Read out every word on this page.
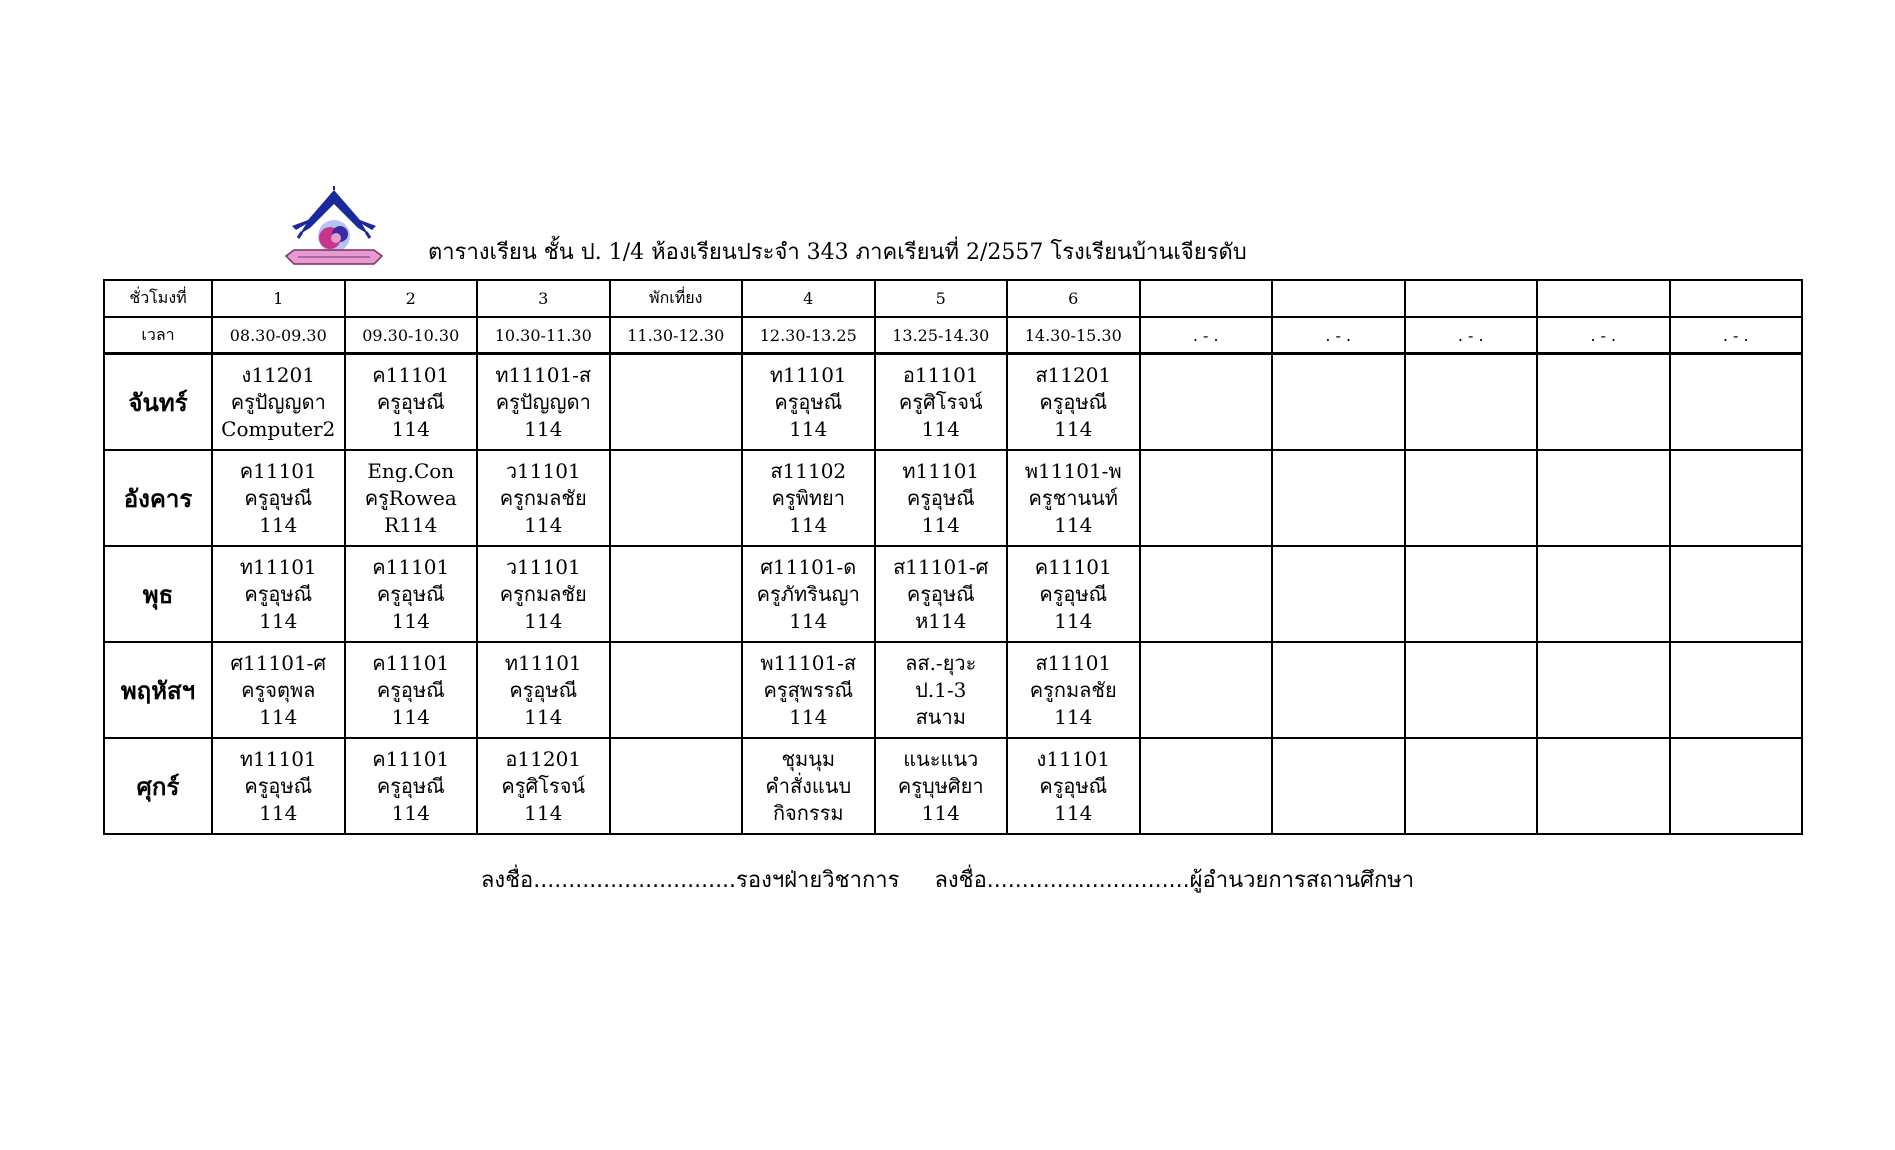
ตารางเรียน ชั้น ป. 1/4 ห้องเรียนประจำ 343 ภาคเรียนที่ 2/2557 โรงเรียนบ้านเจียรดับ
ชั่วโมงที่	1	2	3	พักเที่ยง	4	5	6					
เวลา	08.30-09.30	09.30-10.30	10.30-11.30	11.30-12.30	12.30-13.25	13.25-14.30	14.30-15.30	. - .	. - .	. - .	. - .	. - .
จันทร์	ง11201
ครูปัญญดา
Computer2	ค11101
ครูอุษณี
114	ท11101-ส
ครูปัญญดา
114		ท11101
ครูอุษณี
114	อ11101
ครูศิโรจน์
114	ส11201
ครูอุษณี
114					

อังคาร	ค11101
ครูอุษณี
114	Eng.Con
ครูRowea
R114	ว11101
ครูกมลชัย
114		ส11102
ครูพิทยา
114	ท11101
ครูอุษณี
114	พ11101-พ
ครูชานนท์
114					

พุธ	ท11101
ครูอุษณี
114	ค11101
ครูอุษณี
114	ว11101
ครูกมลชัย
114		ศ11101-ด
ครูภัทรินญา
114	ส11101-ศ
ครูอุษณี
ห114	ค11101
ครูอุษณี
114					

พฤหัสฯ	ศ11101-ศ
ครูจตุพล
114	ค11101
ครูอุษณี
114	ท11101
ครูอุษณี
114		พ11101-ส
ครูสุพรรณี
114	ลส.-ยุวะ
ป.1-3
สนาม	ส11101
ครูกมลชัย
114					

ศุกร์	ท11101
ครูอุษณี
114	ค11101
ครูอุษณี
114	อ11201
ครูศิโรจน์
114		ชุมนุม
คำสั่งแนบ
กิจกรรม	แนะแนว
ครูบุษศิยา
114	ง11101
ครูอุษณี
114					

ลงชื่อ.............................รองฯฝ่ายวิชาการ ลงชื่อ.............................ผู้อำนวยการสถานศึกษา
